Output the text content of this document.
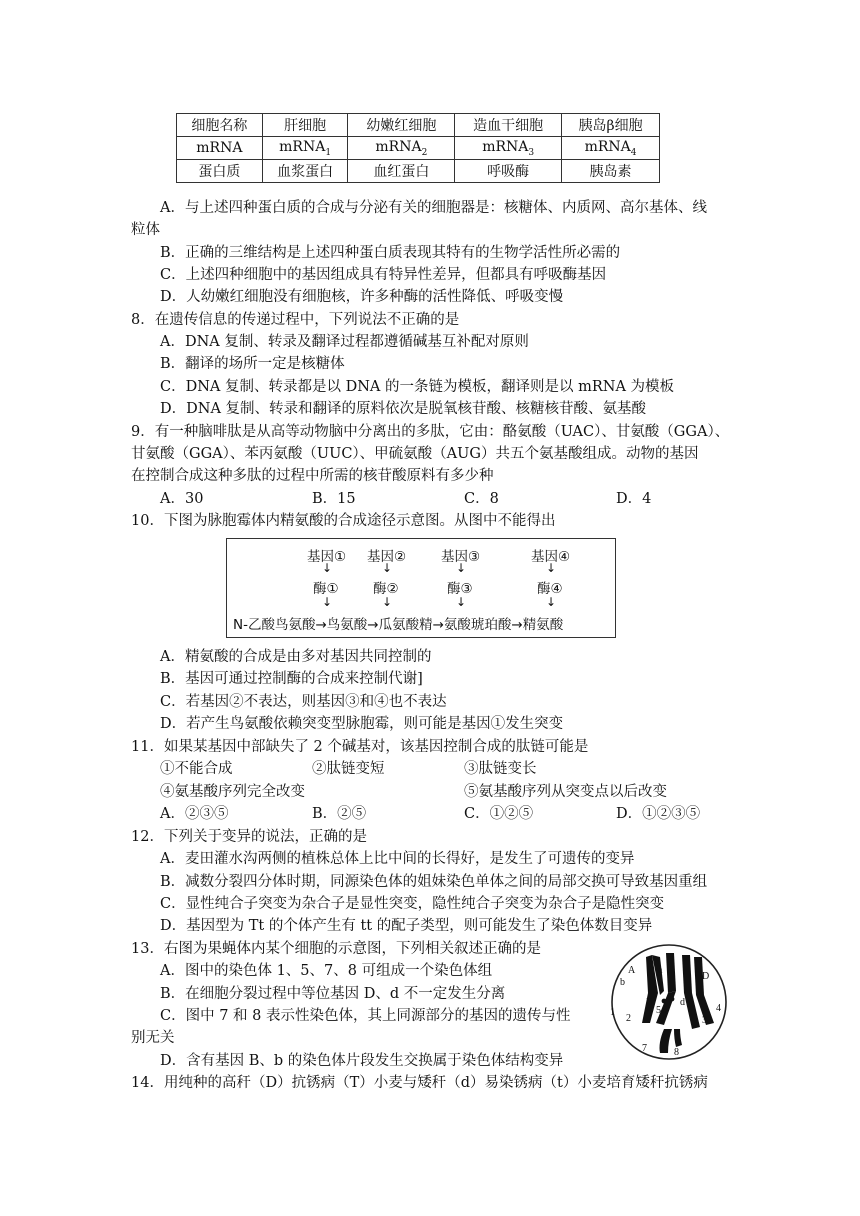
细胞名称	肝细胞	幼嫩红细胞	造血干细胞	胰岛β细胞
mRNA	mRNA$_1$	mRNA$_2$	mRNA$_3$	mRNA$_4$
蛋白质	血浆蛋白	血红蛋白	呼吸酶	胰岛素
A．与上述四种蛋白质的合成与分泌有关的细胞器是：核糖体、内质网、高尔基体、线
粒体
B．正确的三维结构是上述四种蛋白质表现其特有的生物学活性所必需的
C．上述四种细胞中的基因组成具有特异性差异，但都具有呼吸酶基因
D．人幼嫩红细胞没有细胞核，许多种酶的活性降低、呼吸变慢
8．在遗传信息的传递过程中，下列说法不正确的是
A．DNA 复制、转录及翻译过程都遵循碱基互补配对原则
B．翻译的场所一定是核糖体
C．DNA 复制、转录都是以 DNA 的一条链为模板，翻译则是以 mRNA 为模板
D．DNA 复制、转录和翻译的原料依次是脱氧核苷酸、核糖核苷酸、氨基酸
9．有一种脑啡肽是从高等动物脑中分离出的多肽，它由：酪氨酸（UAC）、甘氨酸（GGA）、
甘氨酸（GGA）、苯丙氨酸（UUC）、甲硫氨酸（AUG）共五个氨基酸组成。动物的基因
在控制合成这种多肽的过程中所需的核苷酸原料有多少种
A．30	B．15	C．8	D．4
10．下图为脉胞霉体内精氨酸的合成途径示意图。从图中不能得出
基因① 基因②	基因③	基因④
↓	↓	↓	↓
酶①	酶②	酶③	酶④
↓	↓	↓	↓
N-乙酸鸟氨酸→鸟氨酸→瓜氨酸精→氨酸琥珀酸→精氨酸
A．精氨酸的合成是由多对基因共同控制的
B．基因可通过控制酶的合成来控制代谢]
C．若基因②不表达，则基因③和④也不表达
D．若产生鸟氨酸依赖突变型脉胞霉，则可能是基因①发生突变
11．如果某基因中部缺失了 2 个碱基对，该基因控制合成的肽链可能是
①不能合成	②肽链变短	③肽链变长
④氨基酸序列完全改变	⑤氨基酸序列从突变点以后改变
A．②③⑤	B．②⑤	C．①②⑤	D．①②③⑤
12．下列关于变异的说法，正确的是
A．麦田灌水沟两侧的植株总体上比中间的长得好，是发生了可遗传的变异
B．减数分裂四分体时期，同源染色体的姐妹染色单体之间的局部交换可导致基因重组
C．显性纯合子突变为杂合子是显性突变，隐性纯合子突变为杂合子是隐性突变
D．基因型为 Tt 的个体产生有 tt 的配子类型，则可能发生了染色体数目变异
13．右图为果蝇体内某个细胞的示意图，下列相关叙述正确的是
A．图中的染色体 1、5、7、8 可组成一个染色体组
B．在细胞分裂过程中等位基因 D、d 不一定发生分离
C．图中 7 和 8 表示性染色体，其上同源部分的基因的遗传与性
别无关
D．含有基因 B、b 的染色体片段发生交换属于染色体结构变异
A a
b
B
5 6
d
D
1
2	3
4
7	8
14．用纯种的高秆（D）抗锈病（T）小麦与矮秆（d）易染锈病（t）小麦培育矮秆抗锈病
